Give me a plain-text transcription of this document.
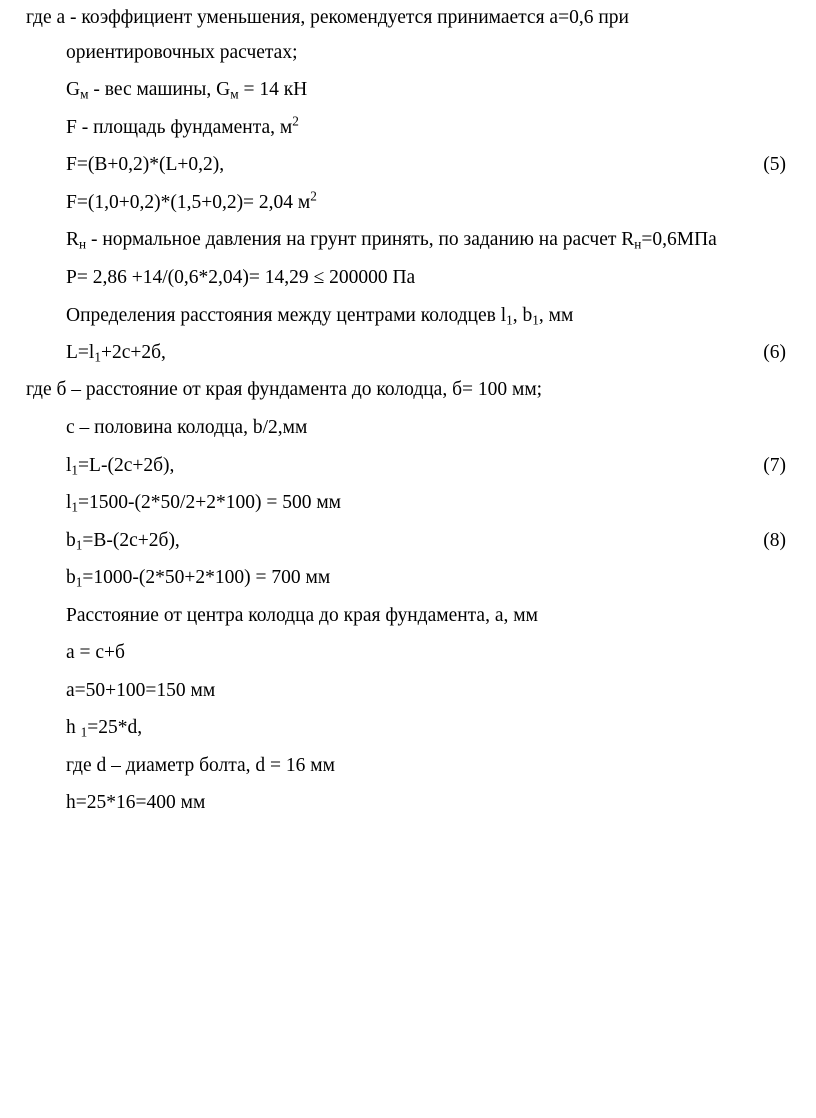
где а - коэффициент уменьшения, рекомендуется принимается а=0,6 при
ориентировочных расчетах;
$G_м$ - вес машины, $G_м = 14$ кН
F - площадь фундамента, $м^2$
F=(B+0,2)*(L+0,2),	(5)
F=(1,0+0,2)*(1,5+0,2)= 2,04 $м^2$
$R_н$ - нормальное давления на грунт принять, по заданию на расчет $R_н=0,6МПа$
P= 2,86 +14/(0,6*2,04)= 14,29 ≤ 200000 Па
Определения расстояния между центрами колодцев $l_1$, $b_1$, мм
$L=l_1+2с+2б$,	(6)
где б – расстояние от края фундамента до колодца, б= 100 мм;
с – половина колодца, b/2,мм
$l_1=L-(2с+2б)$,	(7)
$l_1=1500-(2*50/2+2*100) = 500$ мм
$b_1=B-(2с+2б)$,	(8)
$b_1=1000-(2*50+2*100) = 700$ мм
Расстояние от центра колодца до края фундамента, а, мм
а = с+б
а=50+100=150 мм
h $_1$=25*d,
где d – диаметр болта, d = 16 мм
h=25*16=400 мм
